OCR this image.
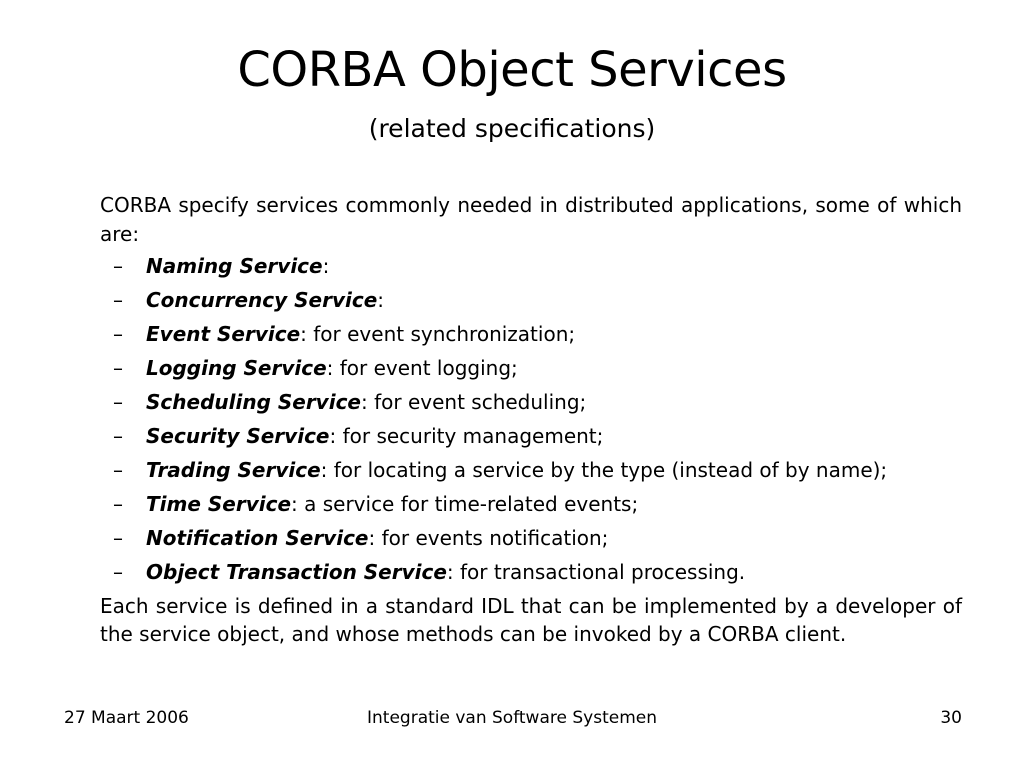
CORBA Object Services
(related specifications)

CORBA specify services commonly needed in distributed applications, some of which are:

– Naming Service:
– Concurrency Service:
– Event Service: for event synchronization;
– Logging Service: for event logging;
– Scheduling Service: for event scheduling;
– Security Service: for security management;
– Trading Service: for locating a service by the type (instead of by name);
– Time Service: a service for time-related events;
– Notification Service: for events notification;
– Object Transaction Service: for transactional processing.

Each service is defined in a standard IDL that can be implemented by a developer of the service object, and whose methods can be invoked by a CORBA client.

27 Maart 2006	Integratie van Software Systemen	30
